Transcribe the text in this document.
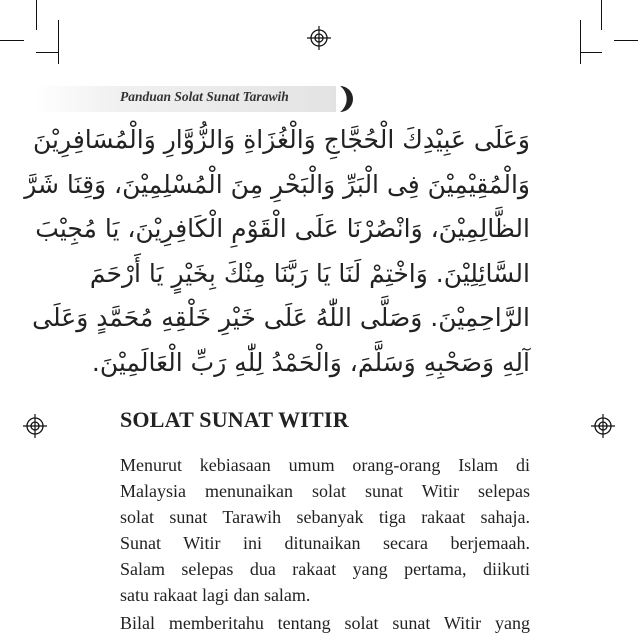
Panduan Solat Sunat Tarawih
وَعَلَى عَبِيْدِكَ الْحُجَّاجِ وَالْغُزَاةِ وَالزُّوَّارِ وَالْمُسَافِرِيْنَ
وَالْمُقِيْمِيْنَ فِى الْبَرِّ وَالْبَحْرِ مِنَ الْمُسْلِمِيْنَ، وَقِنَا شَرَّ
الظَّالِمِيْنَ، وَانْصُرْنَا عَلَى الْقَوْمِ الْكَافِرِيْنَ، يَا مُجِيْبَ
السَّائِلِيْنَ. وَاخْتِمْ لَنَا يَا رَبَّنَا مِنْكَ بِخَيْرٍ يَا أَرْحَمَ
الرَّاحِمِيْنَ. وَصَلَّى اللّٰهُ عَلَى خَيْرِ خَلْقِهِ مُحَمَّدٍ وَعَلَى
آلِهِ وَصَحْبِهِ وَسَلَّمَ، وَالْحَمْدُ لِلّٰهِ رَبِّ الْعَالَمِيْنَ.
SOLAT SUNAT WITIR
Menurut kebiasaan umum orang-orang Islam di
Malaysia menunaikan solat sunat Witir selepas
solat sunat Tarawih sebanyak tiga rakaat sahaja.
Sunat Witir ini ditunaikan secara berjemaah.
Salam selepas dua rakaat yang pertama, diikuti
satu rakaat lagi dan salam.
Bilal memberitahu tentang solat sunat Witir yang
